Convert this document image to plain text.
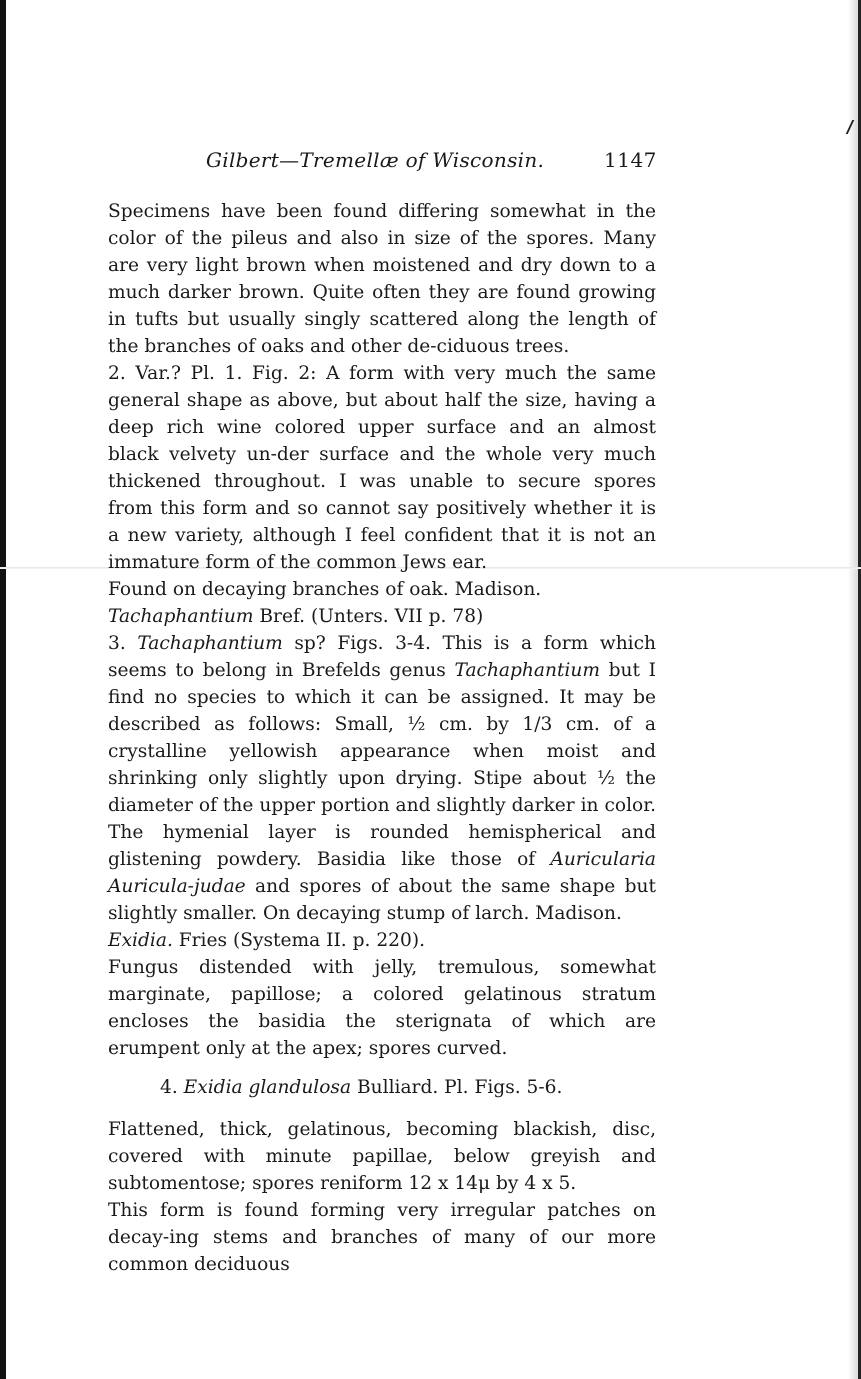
Gilbert—Tremellæ of Wisconsin.	1147

Specimens have been found differing somewhat in the color of the pileus and also in size of the spores. Many are very light brown when moistened and dry down to a much darker brown. Quite often they are found growing in tufts but usually singly scattered along the length of the branches of oaks and other de-ciduous trees.

2. Var.? Pl. 1. Fig. 2: A form with very much the same general shape as above, but about half the size, having a deep rich wine colored upper surface and an almost black velvety un-der surface and the whole very much thickened throughout. I was unable to secure spores from this form and so cannot say positively whether it is a new variety, although I feel confident that it is not an immature form of the common Jews ear.

Found on decaying branches of oak. Madison.

Tachaphantium Bref. (Unters. VII p. 78)

3. Tachaphantium sp? Figs. 3-4. This is a form which seems to belong in Brefelds genus Tachaphantium but I find no species to which it can be assigned. It may be described as follows: Small, ½ cm. by 1/3 cm. of a crystalline yellowish appearance when moist and shrinking only slightly upon drying. Stipe about ½ the diameter of the upper portion and slightly darker in color. The hymenial layer is rounded hemispherical and glistening powdery. Basidia like those of Auricularia Auricula-judae and spores of about the same shape but slightly smaller. On decaying stump of larch. Madison.

Exidia. Fries (Systema II. p. 220).

Fungus distended with jelly, tremulous, somewhat marginate, papillose; a colored gelatinous stratum encloses the basidia the sterignata of which are erumpent only at the apex; spores curved.

4. Exidia glandulosa Bulliard. Pl. Figs. 5-6.

Flattened, thick, gelatinous, becoming blackish, disc, covered with minute papillae, below greyish and subtomentose; spores reniform 12 x 14μ by 4 x 5.

This form is found forming very irregular patches on decay-ing stems and branches of many of our more common deciduous
